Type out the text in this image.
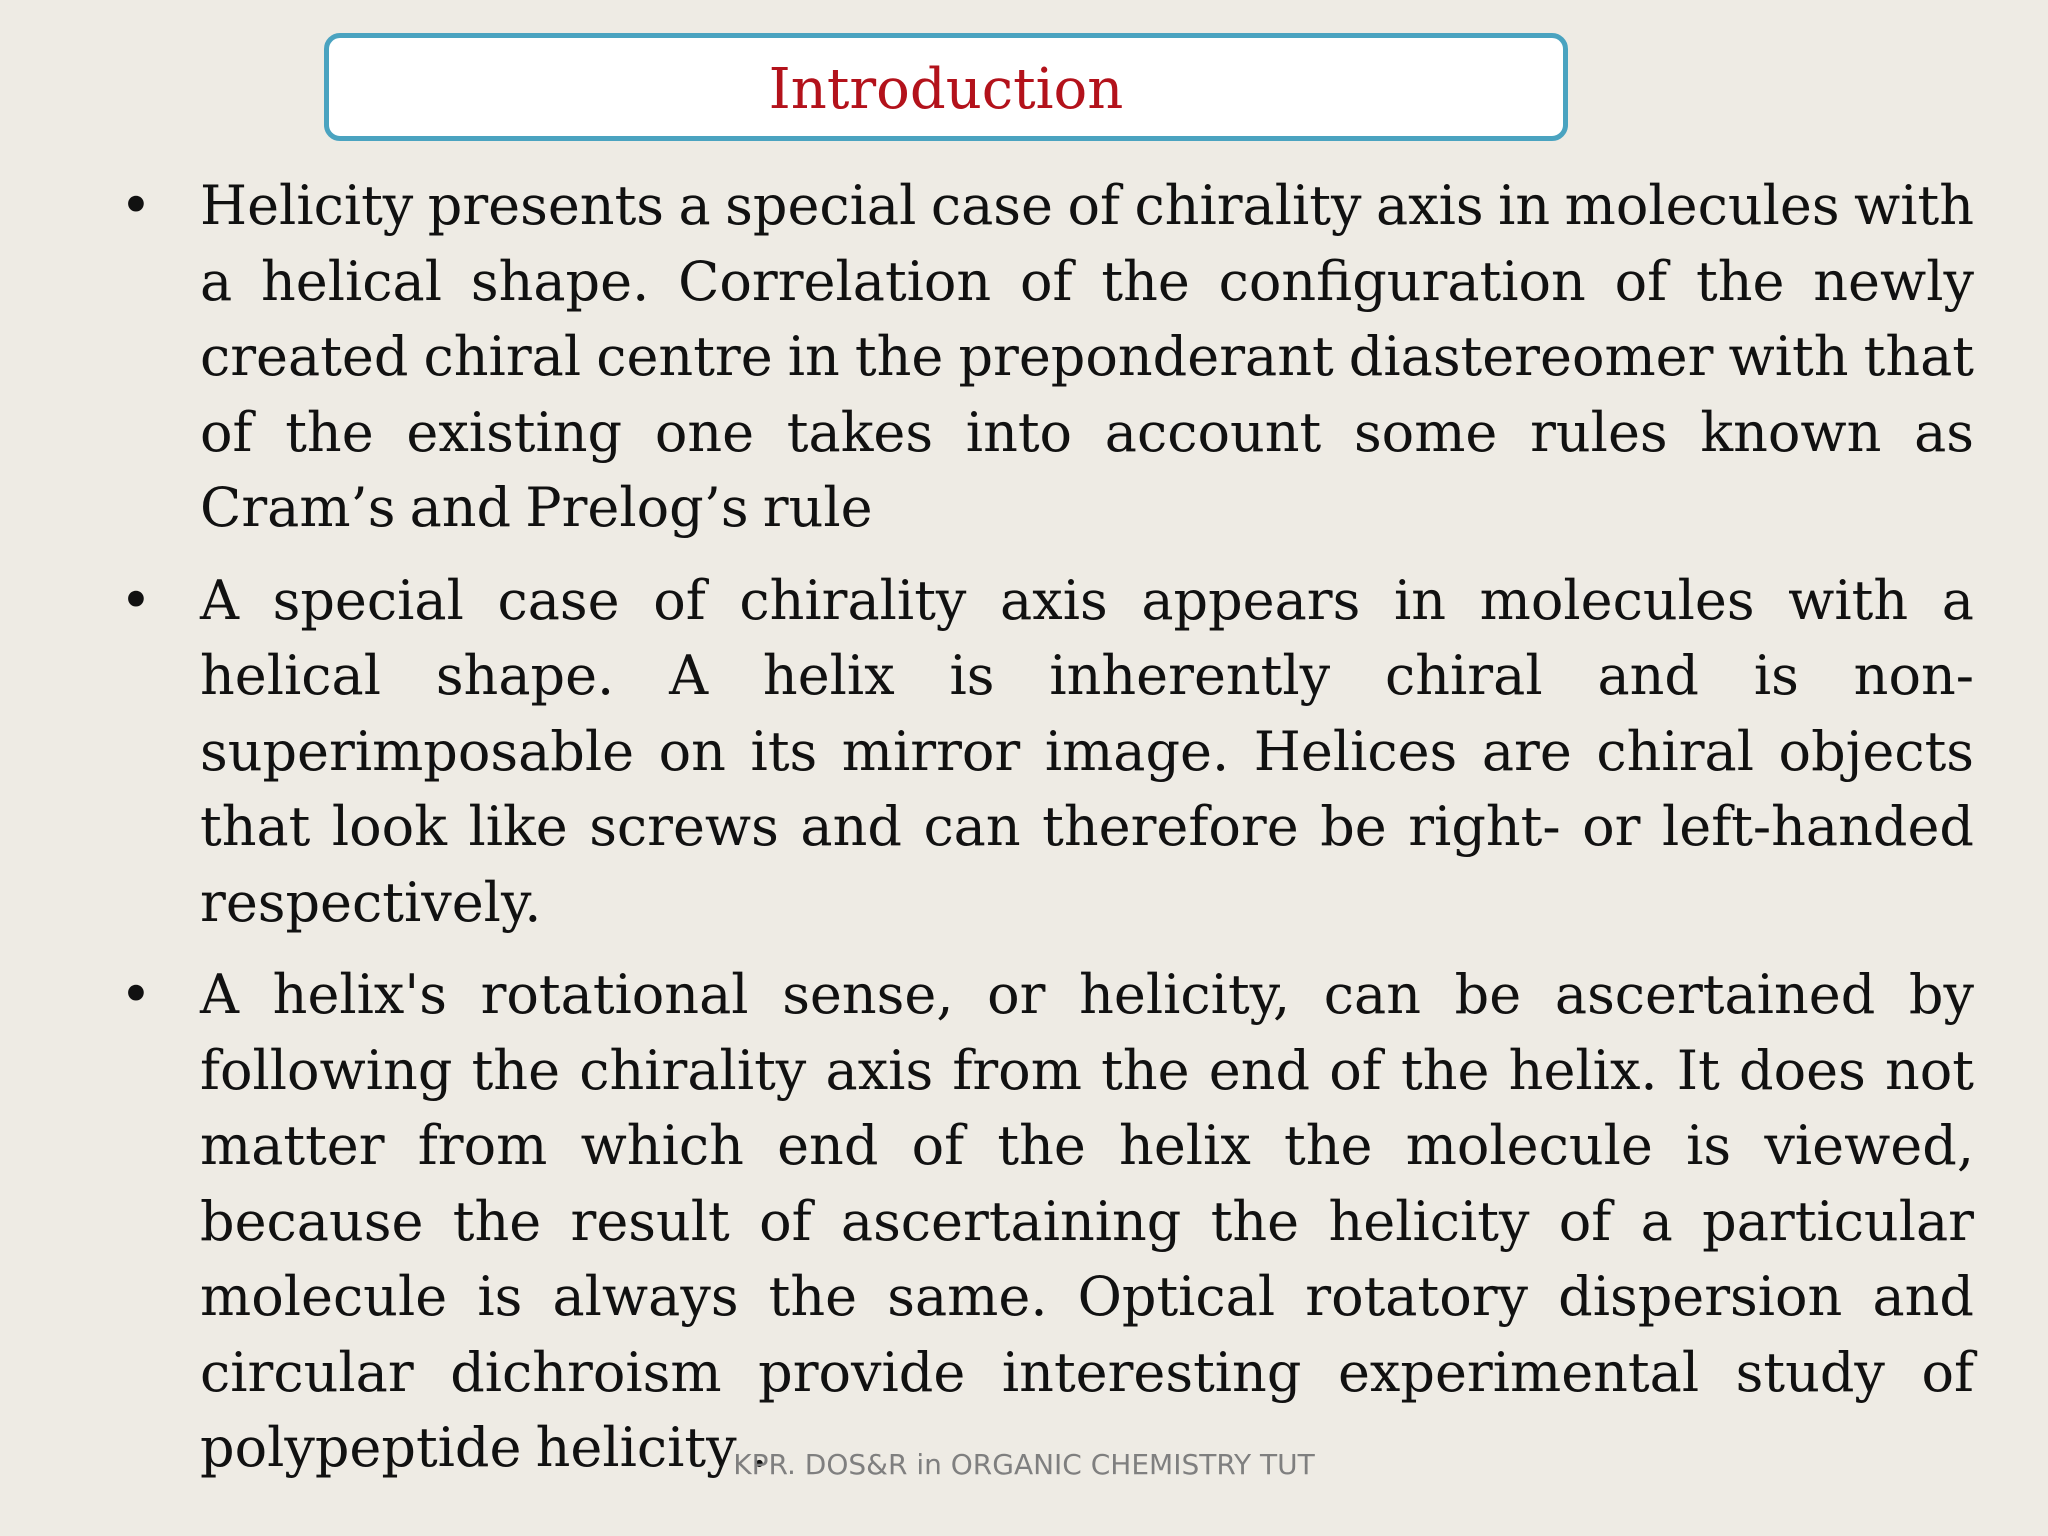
Introduction
• Helicity presents a special case of chirality axis in molecules with a helical shape. Correlation of the configuration of the newly created chiral centre in the preponderant diastereomer with that of the existing one takes into account some rules known as Cram’s and Prelog’s rule
• A special case of chirality axis appears in molecules with a helical shape. A helix is inherently chiral and is non-superimposable on its mirror image. Helices are chiral objects that look like screws and can therefore be right- or left-handed respectively.
• A helix's rotational sense, or helicity, can be ascertained by following the chirality axis from the end of the helix. It does not matter from which end of the helix the molecule is viewed, because the result of ascertaining the helicity of a particular molecule is always the same. Optical rotatory dispersion and circular dichroism provide interesting experimental study of polypeptide helicity .
KPR. DOS&R in ORGANIC CHEMISTRY TUT
